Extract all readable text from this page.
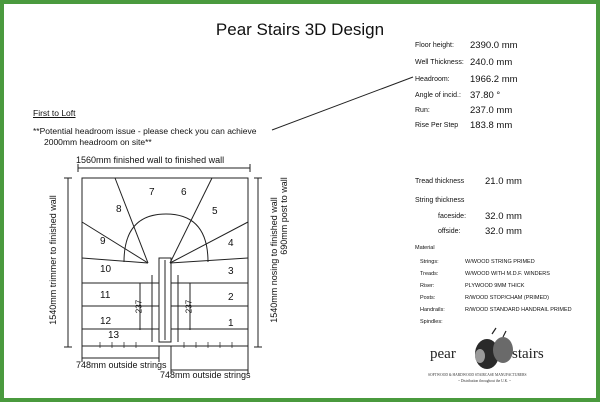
Pear Stairs 3D Design
Floor height: 2390.0 mm
Well Thickness: 240.0 mm
Headroom: 1966.2 mm
Angle of incid.: 37.80 °
Run:	237.0 mm
Rise Per Step 183.8 mm
Tread thickness 21.0 mm
String thickness
faceside: 32.0 mm
offside:	32.0 mm
Material
Strings:	W/WOOD STRING PRIMED
Treads:	W/WOOD WITH M.D.F. WINDERS
Riser:	PLYWOOD 9MM THICK
Posts:	R/WOOD STOP/CHAM (PRIMED)
Handrails:	R/WOOD STANDARD HANDRAIL PRIMED
Spindles:
First to Loft
**Potential headroom issue - please check you can achieve
2000mm headroom on site**
1560mm finished wall to finished wall
1540mm trimmer to finished wall	1540mm nosing to finished wall 690mm post to wall
748mm outside strings
748mm outside strings
237	237
1
2
3
4
5
6
7
8
9
10
11
12
13
pear	stairs
SOFTWOOD & HARDWOOD STAIRCASE MANUFACTURERS
~ Distribution throughout the U.K. ~
